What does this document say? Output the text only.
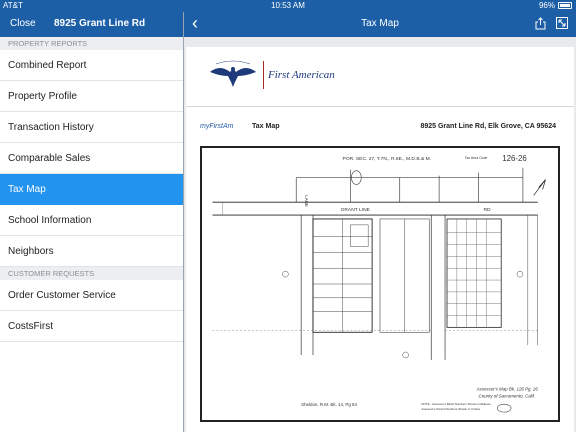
AT&T	10:53 AM	96%
Close 8925 Grant Line Rd	‹	Tax Map
PROPERTY REPORTS
Combined Report
Property Profile
Transaction History
Comparable Sales
Tax Map
School Information
Neighbors
CUSTOMER REQUESTS
Order Customer Service
CostsFirst
First American
myFirstAm	Tax Map	8925 Grant Line Rd, Elk Grove, CA 95624
POR. SEC. 27, T.7N., R.6E., M.D.B.& M.	Tax Area Code 126-26
GRANT LINE	RD
LANE
Sheldon, R.M. Bk. 14, Pg 54
Assessor's Map Bk. 126 Pg. 26
County of Sacramento, Calif.
NOTE - Assessor's Block Numbers Shown in Ellipses.
Assessor's Parcel Numbers Shown in Circles.
